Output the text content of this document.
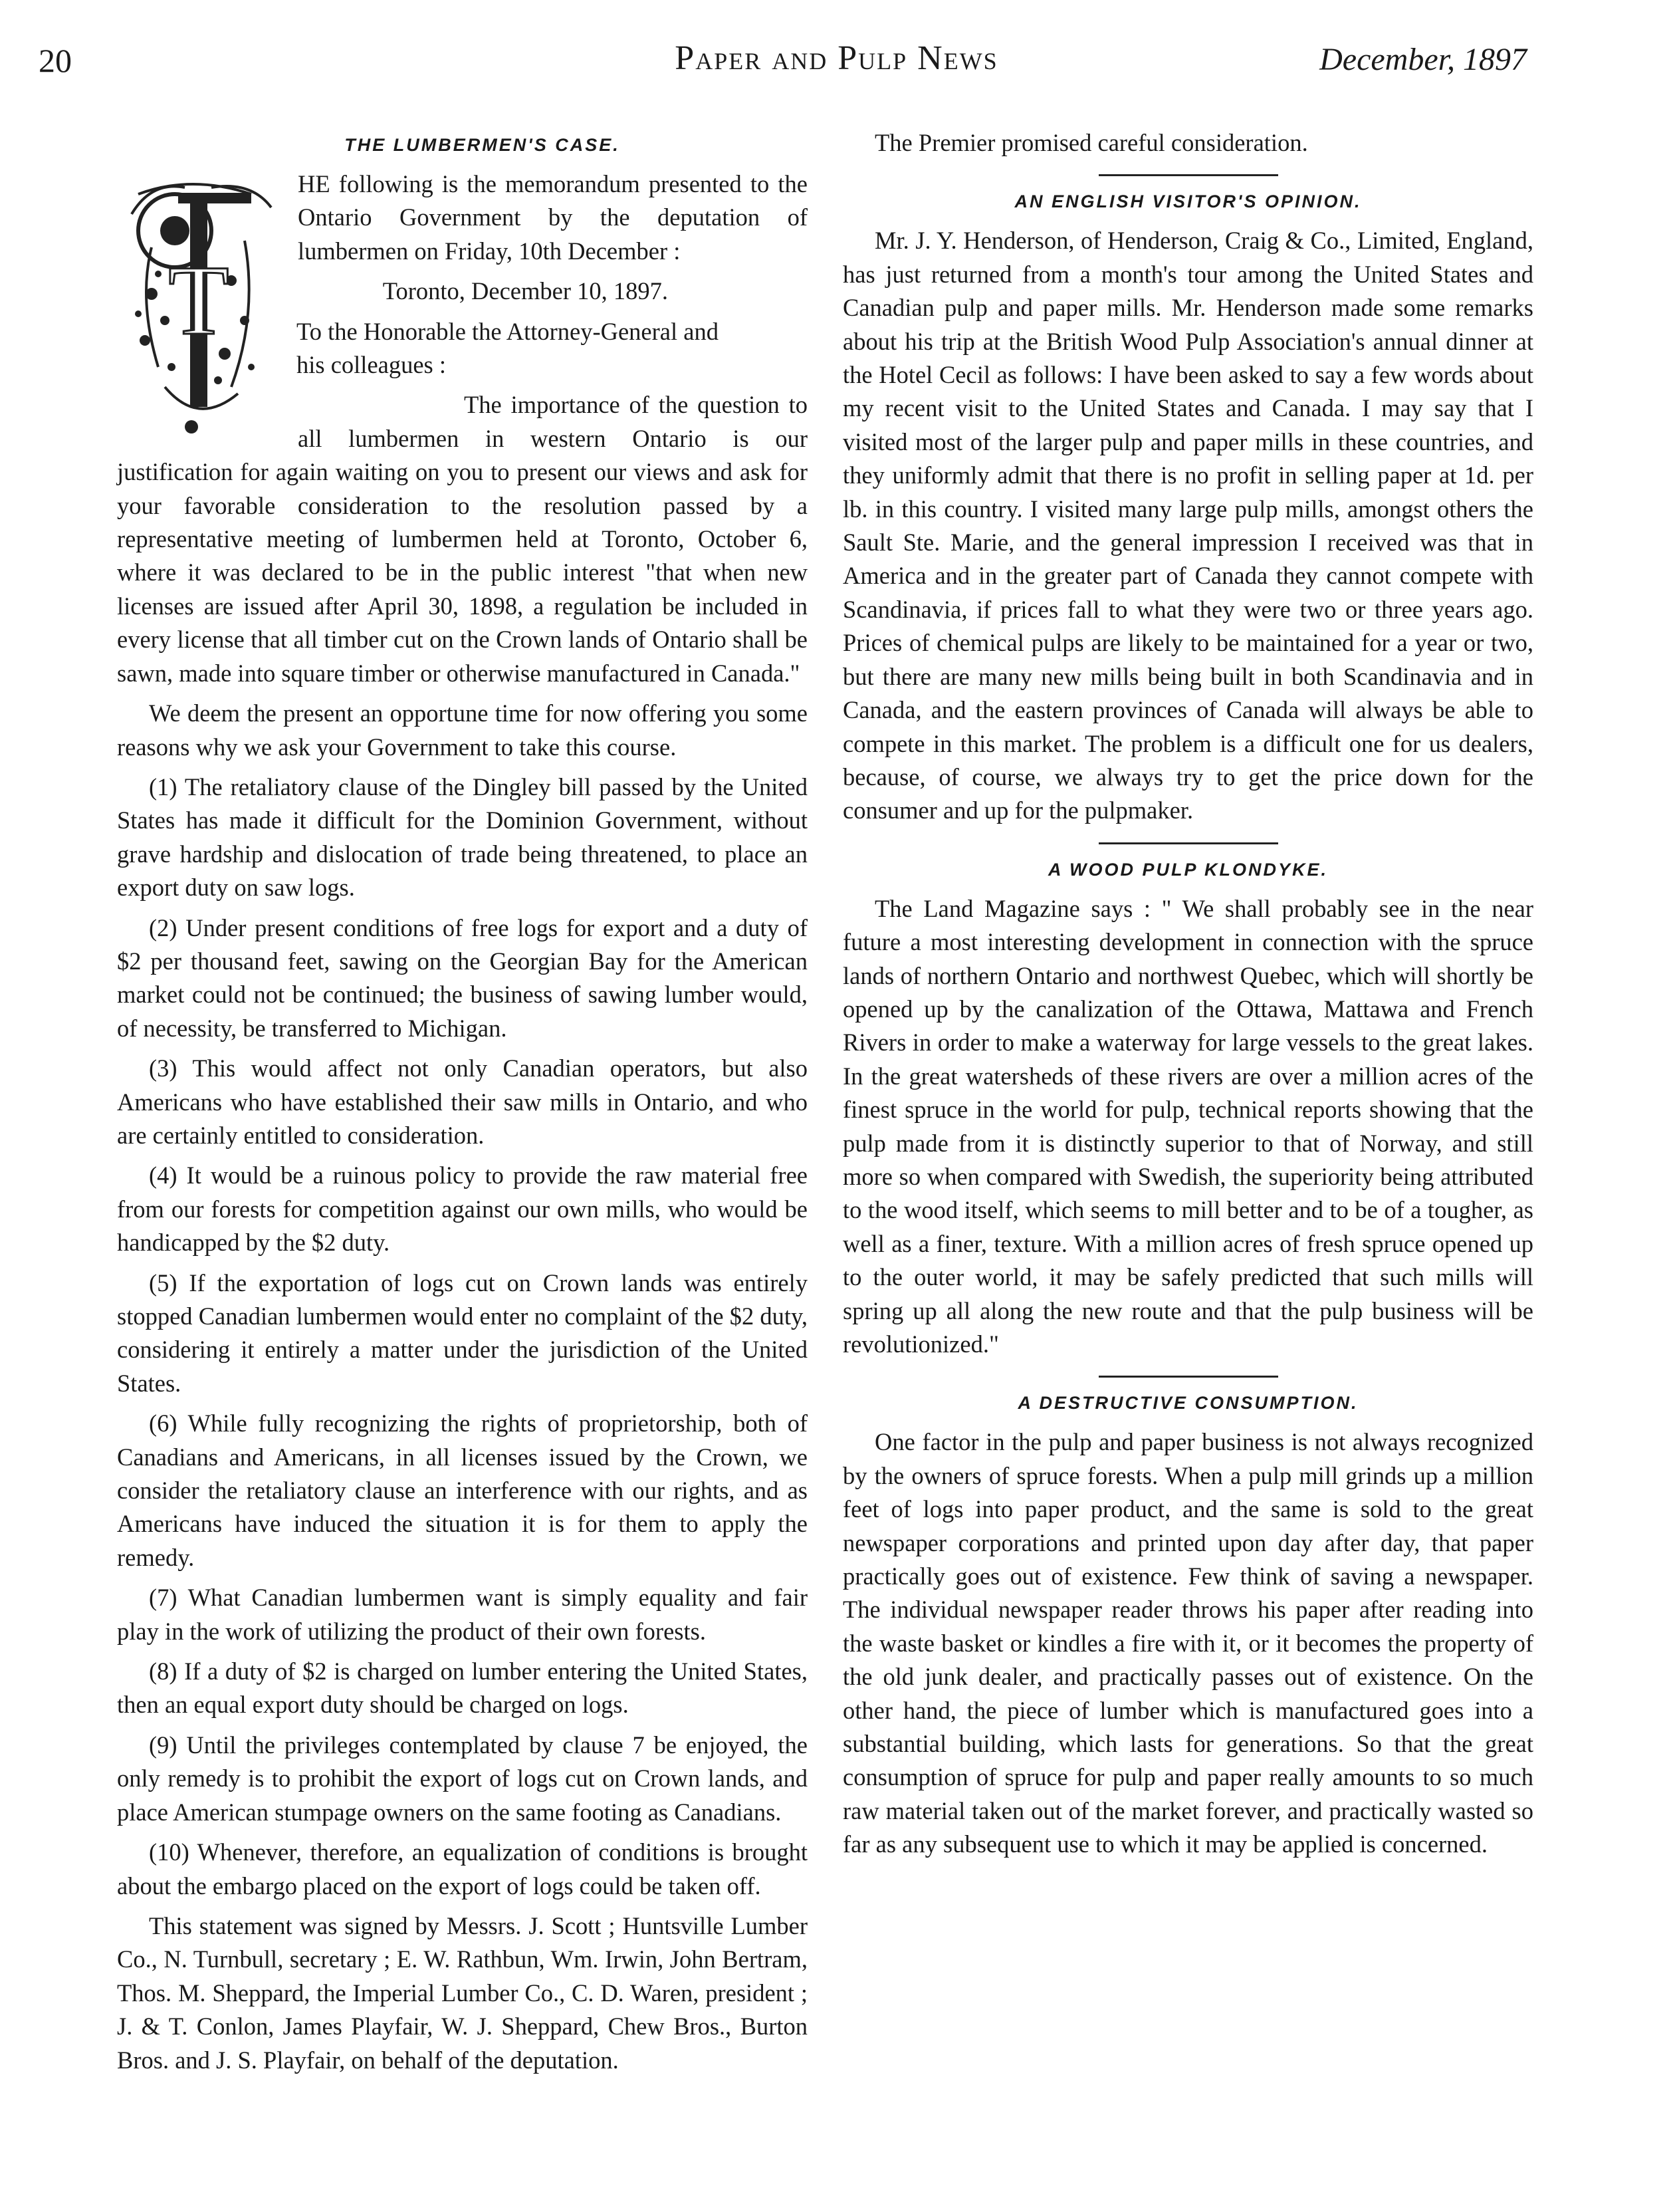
20	Paper and Pulp News	December, 1897
THE LUMBERMEN'S CASE.
T

HE following is the memorandum presented to the Ontario Government by the deputation of lumbermen on Friday, 10th December :

Toronto, December 10, 1897.

To the Honorable the Attorney-General and
his colleagues :

The importance of the question to all lumbermen in western Ontario is our justification for again waiting on you to present our views and ask for your favorable consideration to the resolution passed by a representative meeting of lumbermen held at Toronto, October 6, where it was declared to be in the public interest "that when new licenses are issued after April 30, 1898, a regulation be included in every license that all timber cut on the Crown lands of Ontario shall be sawn, made into square timber or otherwise manufactured in Canada."

We deem the present an opportune time for now offering you some reasons why we ask your Government to take this course.

(1) The retaliatory clause of the Dingley bill passed by the United States has made it difficult for the Dominion Government, without grave hardship and dislocation of trade being threatened, to place an export duty on saw logs.

(2) Under present conditions of free logs for export and a duty of $2 per thousand feet, sawing on the Georgian Bay for the American market could not be continued; the business of sawing lumber would, of necessity, be transferred to Michigan.

(3) This would affect not only Canadian operators, but also Americans who have established their saw mills in Ontario, and who are certainly entitled to consideration.

(4) It would be a ruinous policy to provide the raw material free from our forests for competition against our own mills, who would be handicapped by the $2 duty.

(5) If the exportation of logs cut on Crown lands was entirely stopped Canadian lumbermen would enter no complaint of the $2 duty, considering it entirely a matter under the jurisdiction of the United States.

(6) While fully recognizing the rights of proprietorship, both of Canadians and Americans, in all licenses issued by the Crown, we consider the retaliatory clause an interference with our rights, and as Americans have induced the situation it is for them to apply the remedy.

(7) What Canadian lumbermen want is simply equality and fair play in the work of utilizing the product of their own forests.

(8) If a duty of $2 is charged on lumber entering the United States, then an equal export duty should be charged on logs.

(9) Until the privileges contemplated by clause 7 be enjoyed, the only remedy is to prohibit the export of logs cut on Crown lands, and place American stumpage owners on the same footing as Canadians.

(10) Whenever, therefore, an equalization of conditions is brought about the embargo placed on the export of logs could be taken off.

This statement was signed by Messrs. J. Scott ; Huntsville Lumber Co., N. Turnbull, secretary ; E. W. Rathbun, Wm. Irwin, John Bertram, Thos. M. Sheppard, the Imperial Lumber Co., C. D. Waren, president ; J. & T. Conlon, James Playfair, W. J. Sheppard, Chew Bros., Burton Bros. and J. S. Playfair, on behalf of the deputation.

The Premier promised careful consideration.

AN ENGLISH VISITOR'S OPINION.

Mr. J. Y. Henderson, of Henderson, Craig & Co., Limited, England, has just returned from a month's tour among the United States and Canadian pulp and paper mills. Mr. Henderson made some remarks about his trip at the British Wood Pulp Association's annual dinner at the Hotel Cecil as follows: I have been asked to say a few words about my recent visit to the United States and Canada. I may say that I visited most of the larger pulp and paper mills in these countries, and they uniformly admit that there is no profit in selling paper at 1d. per lb. in this country. I visited many large pulp mills, amongst others the Sault Ste. Marie, and the general impression I received was that in America and in the greater part of Canada they cannot compete with Scandinavia, if prices fall to what they were two or three years ago. Prices of chemical pulps are likely to be maintained for a year or two, but there are many new mills being built in both Scandinavia and in Canada, and the eastern provinces of Canada will always be able to compete in this market. The problem is a difficult one for us dealers, because, of course, we always try to get the price down for the consumer and up for the pulpmaker.

A WOOD PULP KLONDYKE.

The Land Magazine says : " We shall probably see in the near future a most interesting development in connection with the spruce lands of northern Ontario and northwest Quebec, which will shortly be opened up by the canalization of the Ottawa, Mattawa and French Rivers in order to make a waterway for large vessels to the great lakes. In the great watersheds of these rivers are over a million acres of the finest spruce in the world for pulp, technical reports showing that the pulp made from it is distinctly superior to that of Norway, and still more so when compared with Swedish, the superiority being attributed to the wood itself, which seems to mill better and to be of a tougher, as well as a finer, texture. With a million acres of fresh spruce opened up to the outer world, it may be safely predicted that such mills will spring up all along the new route and that the pulp business will be revolutionized."

A DESTRUCTIVE CONSUMPTION.

One factor in the pulp and paper business is not always recognized by the owners of spruce forests. When a pulp mill grinds up a million feet of logs into paper product, and the same is sold to the great newspaper corporations and printed upon day after day, that paper practically goes out of existence. Few think of saving a newspaper. The individual newspaper reader throws his paper after reading into the waste basket or kindles a fire with it, or it becomes the property of the old junk dealer, and practically passes out of existence. On the other hand, the piece of lumber which is manufactured goes into a substantial building, which lasts for generations. So that the great consumption of spruce for pulp and paper really amounts to so much raw material taken out of the market forever, and practically wasted so far as any subsequent use to which it may be applied is concerned.
